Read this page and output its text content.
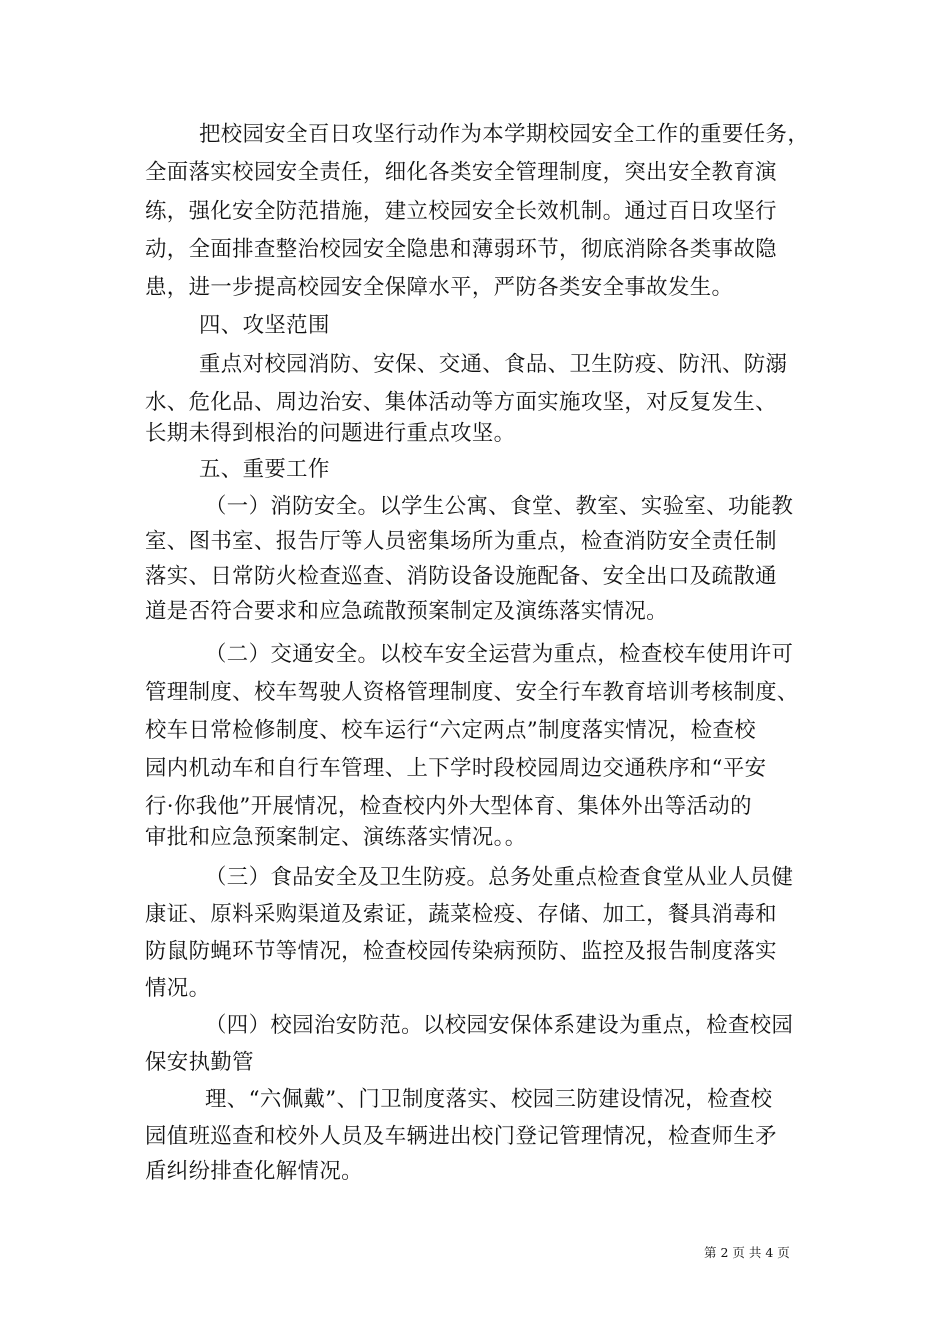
把校园安全百日攻坚行动作为本学期校园安全工作的重要任务，
全面落实校园安全责任，细化各类安全管理制度，突出安全教育演
练，强化安全防范措施，建立校园安全长效机制。通过百日攻坚行
动，全面排查整治校园安全隐患和薄弱环节，彻底消除各类事故隐
患，进一步提高校园安全保障水平，严防各类安全事故发生。
四、攻坚范围
重点对校园消防、安保、交通、食品、卫生防疫、防汛、防溺
水、危化品、周边治安、集体活动等方面实施攻坚，对反复发生、
长期未得到根治的问题进行重点攻坚。
五、重要工作
（一）消防安全。以学生公寓、食堂、教室、实验室、功能教
室、图书室、报告厅等人员密集场所为重点，检查消防安全责任制
落实、日常防火检查巡查、消防设备设施配备、安全出口及疏散通
道是否符合要求和应急疏散预案制定及演练落实情况。
（二）交通安全。以校车安全运营为重点，检查校车使用许可
管理制度、校车驾驶人资格管理制度、安全行车教育培训考核制度、
校车日常检修制度、校车运行“六定两点”制度落实情况，检查校
园内机动车和自行车管理、上下学时段校园周边交通秩序和“平安
行·你我他”开展情况，检查校内外大型体育、集体外出等活动的
审批和应急预案制定、演练落实情况。。
（三）食品安全及卫生防疫。总务处重点检查食堂从业人员健
康证、原料采购渠道及索证，蔬菜检疫、存储、加工，餐具消毒和
防鼠防蝇环节等情况，检查校园传染病预防、监控及报告制度落实
情况。
（四）校园治安防范。以校园安保体系建设为重点，检查校园
保安执勤管
理、“六佩戴”、门卫制度落实、校园三防建设情况，检查校
园值班巡查和校外人员及车辆进出校门登记管理情况，检查师生矛
盾纠纷排查化解情况。
第 2 页 共 4 页
